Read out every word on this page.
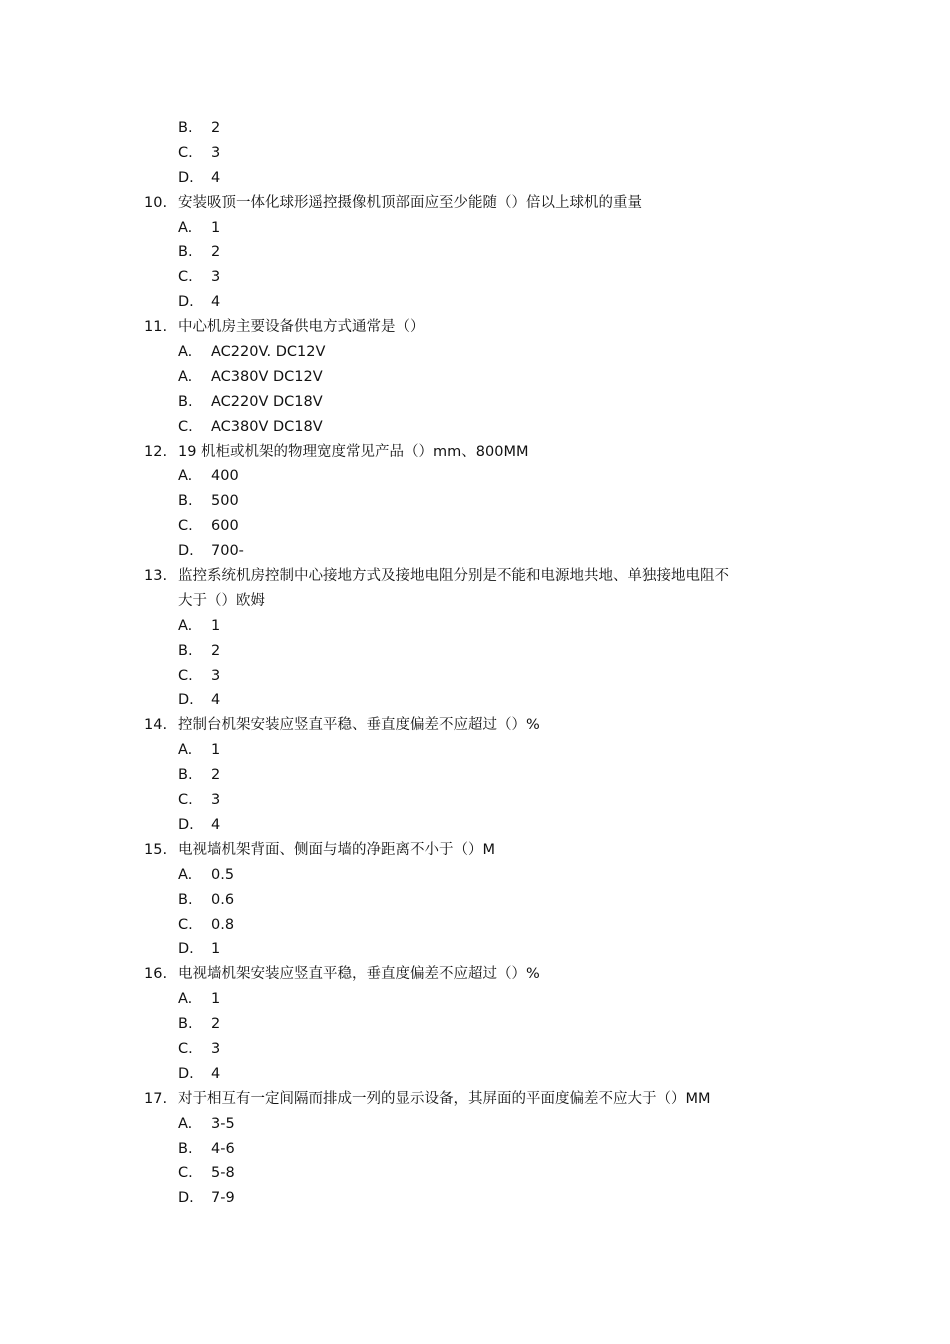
B. 2
C. 3
D. 4
10. 安装吸顶一体化球形遥控摄像机顶部面应至少能随（）倍以上球机的重量
A. 1
B. 2
C. 3
D. 4
11. 中心机房主要设备供电方式通常是（）
A. AC220V. DC12V
A. AC380V DC12V
B. AC220V DC18V
C. AC380V DC18V
12. 19 机柜或机架的物理宽度常见产品（）mm、800MM
A. 400
B. 500
C. 600
D. 700-
13. 监控系统机房控制中心接地方式及接地电阻分别是不能和电源地共地、单独接地电阻不
大于（）欧姆
A. 1
B. 2
C. 3
D. 4
14. 控制台机架安装应竖直平稳、垂直度偏差不应超过（）%
A. 1
B. 2
C. 3
D. 4
15. 电视墙机架背面、侧面与墙的净距离不小于（）M
A. 0.5
B. 0.6
C. 0.8
D. 1
16. 电视墙机架安装应竖直平稳，垂直度偏差不应超过（）%
A. 1
B. 2
C. 3
D. 4
17. 对于相互有一定间隔而排成一列的显示设备，其屏面的平面度偏差不应大于（）MM
A. 3-5
B. 4-6
C. 5-8
D. 7-9
